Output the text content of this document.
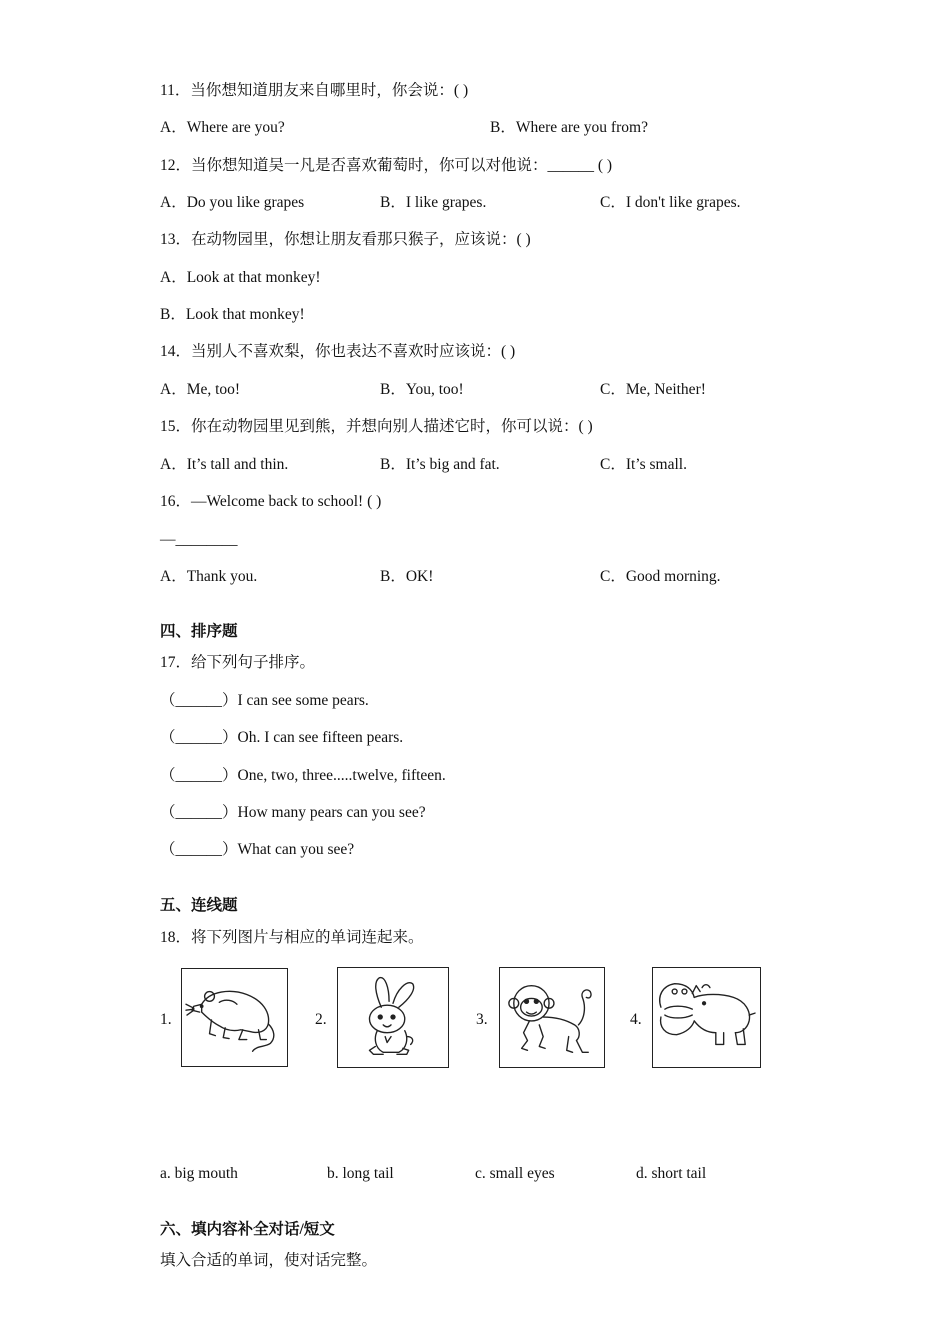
11．当你想知道朋友来自哪里时，你会说：( )
A．Where are you?	B．Where are you from?
12．当你想知道吴一凡是否喜欢葡萄时，你可以对他说：______ ( )
A．Do you like grapes	B．I like grapes.	C．I don't like grapes.
13．在动物园里，你想让朋友看那只猴子，应该说：( )
A．Look at that monkey!
B．Look that monkey!
14．当别人不喜欢梨，你也表达不喜欢时应该说：( )
A．Me, too!	B．You, too!	C．Me, Neither!
15．你在动物园里见到熊，并想向别人描述它时，你可以说：( )
A．It’s tall and thin.	B．It’s big and fat.	C．It’s small.
16．—Welcome back to school! ( )
—________
A．Thank you.	B．OK!	C．Good morning.
四、排序题
17．给下列句子排序。
（______）I can see some pears.
（______）Oh. I can see fifteen pears.
（______）One, two, three.....twelve, fifteen.
（______）How many pears can you see?
（______）What can you see?
五、连线题
18．将下列图片与相应的单词连起来。
1.	2.	3.	4.
a. big mouth	b. long tail	c. small eyes	d. short tail
六、填内容补全对话/短文
填入合适的单词，使对话完整。
